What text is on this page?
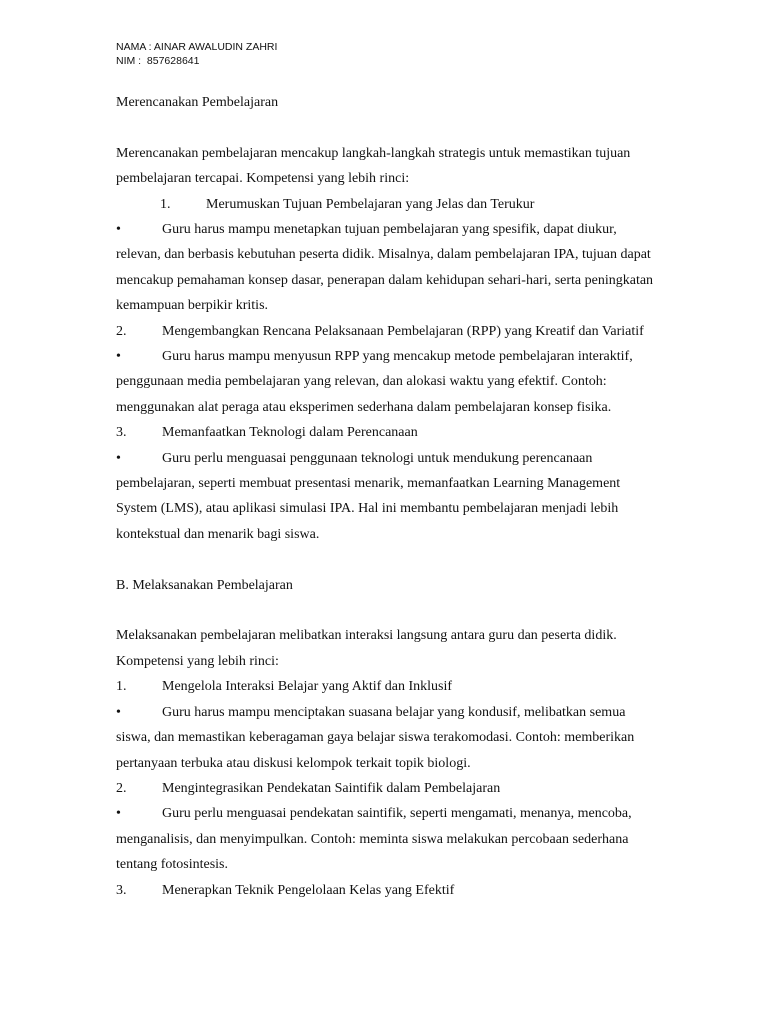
NAMA : AINAR AWALUDIN ZAHRI
NIM :  857628641

Merencanakan Pembelajaran

Merencanakan pembelajaran mencakup langkah-langkah strategis untuk memastikan tujuan pembelajaran tercapai. Kompetensi yang lebih rinci:

1.	Merumuskan Tujuan Pembelajaran yang Jelas dan Terukur

•	Guru harus mampu menetapkan tujuan pembelajaran yang spesifik, dapat diukur, relevan, dan berbasis kebutuhan peserta didik. Misalnya, dalam pembelajaran IPA, tujuan dapat mencakup pemahaman konsep dasar, penerapan dalam kehidupan sehari-hari, serta peningkatan kemampuan berpikir kritis.

2.	Mengembangkan Rencana Pelaksanaan Pembelajaran (RPP) yang Kreatif dan Variatif

•	Guru harus mampu menyusun RPP yang mencakup metode pembelajaran interaktif, penggunaan media pembelajaran yang relevan, dan alokasi waktu yang efektif. Contoh: menggunakan alat peraga atau eksperimen sederhana dalam pembelajaran konsep fisika.

3.	Memanfaatkan Teknologi dalam Perencanaan

•	Guru perlu menguasai penggunaan teknologi untuk mendukung perencanaan pembelajaran, seperti membuat presentasi menarik, memanfaatkan Learning Management System (LMS), atau aplikasi simulasi IPA. Hal ini membantu pembelajaran menjadi lebih kontekstual dan menarik bagi siswa.

B. Melaksanakan Pembelajaran

Melaksanakan pembelajaran melibatkan interaksi langsung antara guru dan peserta didik. Kompetensi yang lebih rinci:

1.	Mengelola Interaksi Belajar yang Aktif dan Inklusif

•	Guru harus mampu menciptakan suasana belajar yang kondusif, melibatkan semua siswa, dan memastikan keberagaman gaya belajar siswa terakomodasi. Contoh: memberikan pertanyaan terbuka atau diskusi kelompok terkait topik biologi.

2.	Mengintegrasikan Pendekatan Saintifik dalam Pembelajaran

•	Guru perlu menguasai pendekatan saintifik, seperti mengamati, menanya, mencoba, menganalisis, dan menyimpulkan. Contoh: meminta siswa melakukan percobaan sederhana tentang fotosintesis.

3.	Menerapkan Teknik Pengelolaan Kelas yang Efektif
